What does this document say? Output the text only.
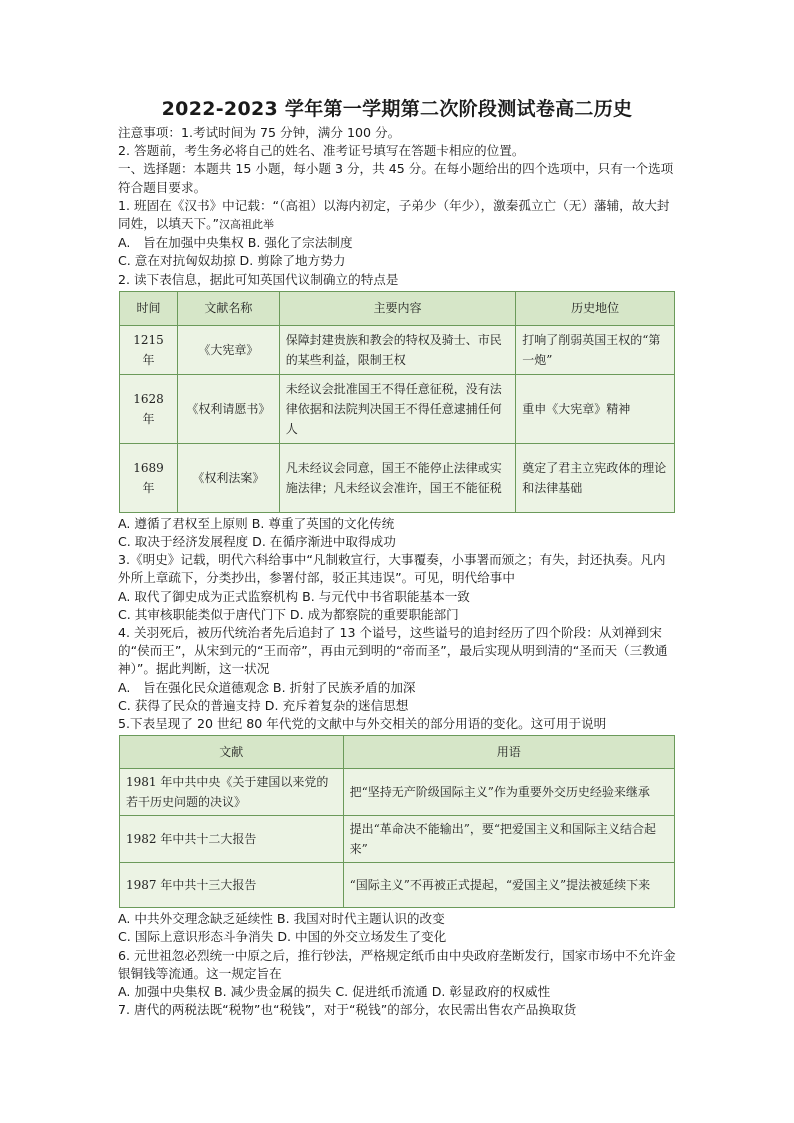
2022-2023 学年第一学期第二次阶段测试卷高二历史

注意事项：1.考试时间为 75 分钟，满分 100 分。

2. 答题前，考生务必将自己的姓名、准考证号填写在答题卡相应的位置。

一、选择题：本题共 15 小题，每小题 3 分，共 45 分。在每小题给出的四个选项中，只有一个选项符合题目要求。

1. 班固在《汉书》中记载：“（高祖）以海内初定，子弟少（年少），激秦孤立亡（无）藩辅，故大封同姓，以填天下。”汉高祖此举

A.　旨在加强中央集权 B. 强化了宗法制度

C. 意在对抗匈奴劫掠 D. 剪除了地方势力

2. 读下表信息，据此可知英国代议制确立的特点是

时间	文献名称	主要内容	历史地位
1215 年	《大宪章》	保障封建贵族和教会的特权及骑士、市民的某些利益，限制王权	打响了削弱英国王权的“第一炮”
1628 年	《权利请愿书》	未经议会批准国王不得任意征税，没有法律依据和法院判决国王不得任意逮捕任何人	重申《大宪章》精神
1689 年	《权利法案》	凡未经议会同意，国王不能停止法律或实施法律；凡未经议会准许，国王不能征税	奠定了君主立宪政体的理论和法律基础

A. 遵循了君权至上原则 B. 尊重了英国的文化传统

C. 取决于经济发展程度 D. 在循序渐进中取得成功

3.《明史》记载，明代六科给事中“凡制敕宣行，大事覆奏，小事署而颁之；有失，封还执奏。凡内外所上章疏下，分类抄出，参署付部，驳正其违误”。可见，明代给事中

A. 取代了御史成为正式监察机构 B. 与元代中书省职能基本一致

C. 其审核职能类似于唐代门下 D. 成为都察院的重要职能部门

4. 关羽死后，被历代统治者先后追封了 13 个谥号，这些谥号的追封经历了四个阶段：从刘禅到宋的“侯而王”，从宋到元的“王而帝”，再由元到明的“帝而圣”，最后实现从明到清的“圣而天（三教通神）”。据此判断，这一状况

A.　旨在强化民众道德观念 B. 折射了民族矛盾的加深

C. 获得了民众的普遍支持 D. 充斥着复杂的迷信思想

5.下表呈现了 20 世纪 80 年代党的文献中与外交相关的部分用语的变化。这可用于说明

文献	用语
1981 年中共中央《关于建国以来党的若干历史问题的决议》	把“坚持无产阶级国际主义”作为重要外交历史经验来继承
1982 年中共十二大报告	提出“革命决不能输出”，要“把爱国主义和国际主义结合起来”
1987 年中共十三大报告	“国际主义”不再被正式提起，“爱国主义”提法被延续下来

A. 中共外交理念缺乏延续性 B. 我国对时代主题认识的改变

C. 国际上意识形态斗争消失 D. 中国的外交立场发生了变化

6. 元世祖忽必烈统一中原之后，推行钞法，严格规定纸币由中央政府垄断发行，国家市场中不允许金银铜钱等流通。这一规定旨在

A. 加强中央集权 B. 减少贵金属的损失 C. 促进纸币流通 D. 彰显政府的权威性

7. 唐代的两税法既“税物”也“税钱”，对于“税钱”的部分，农民需出售农产品换取货
